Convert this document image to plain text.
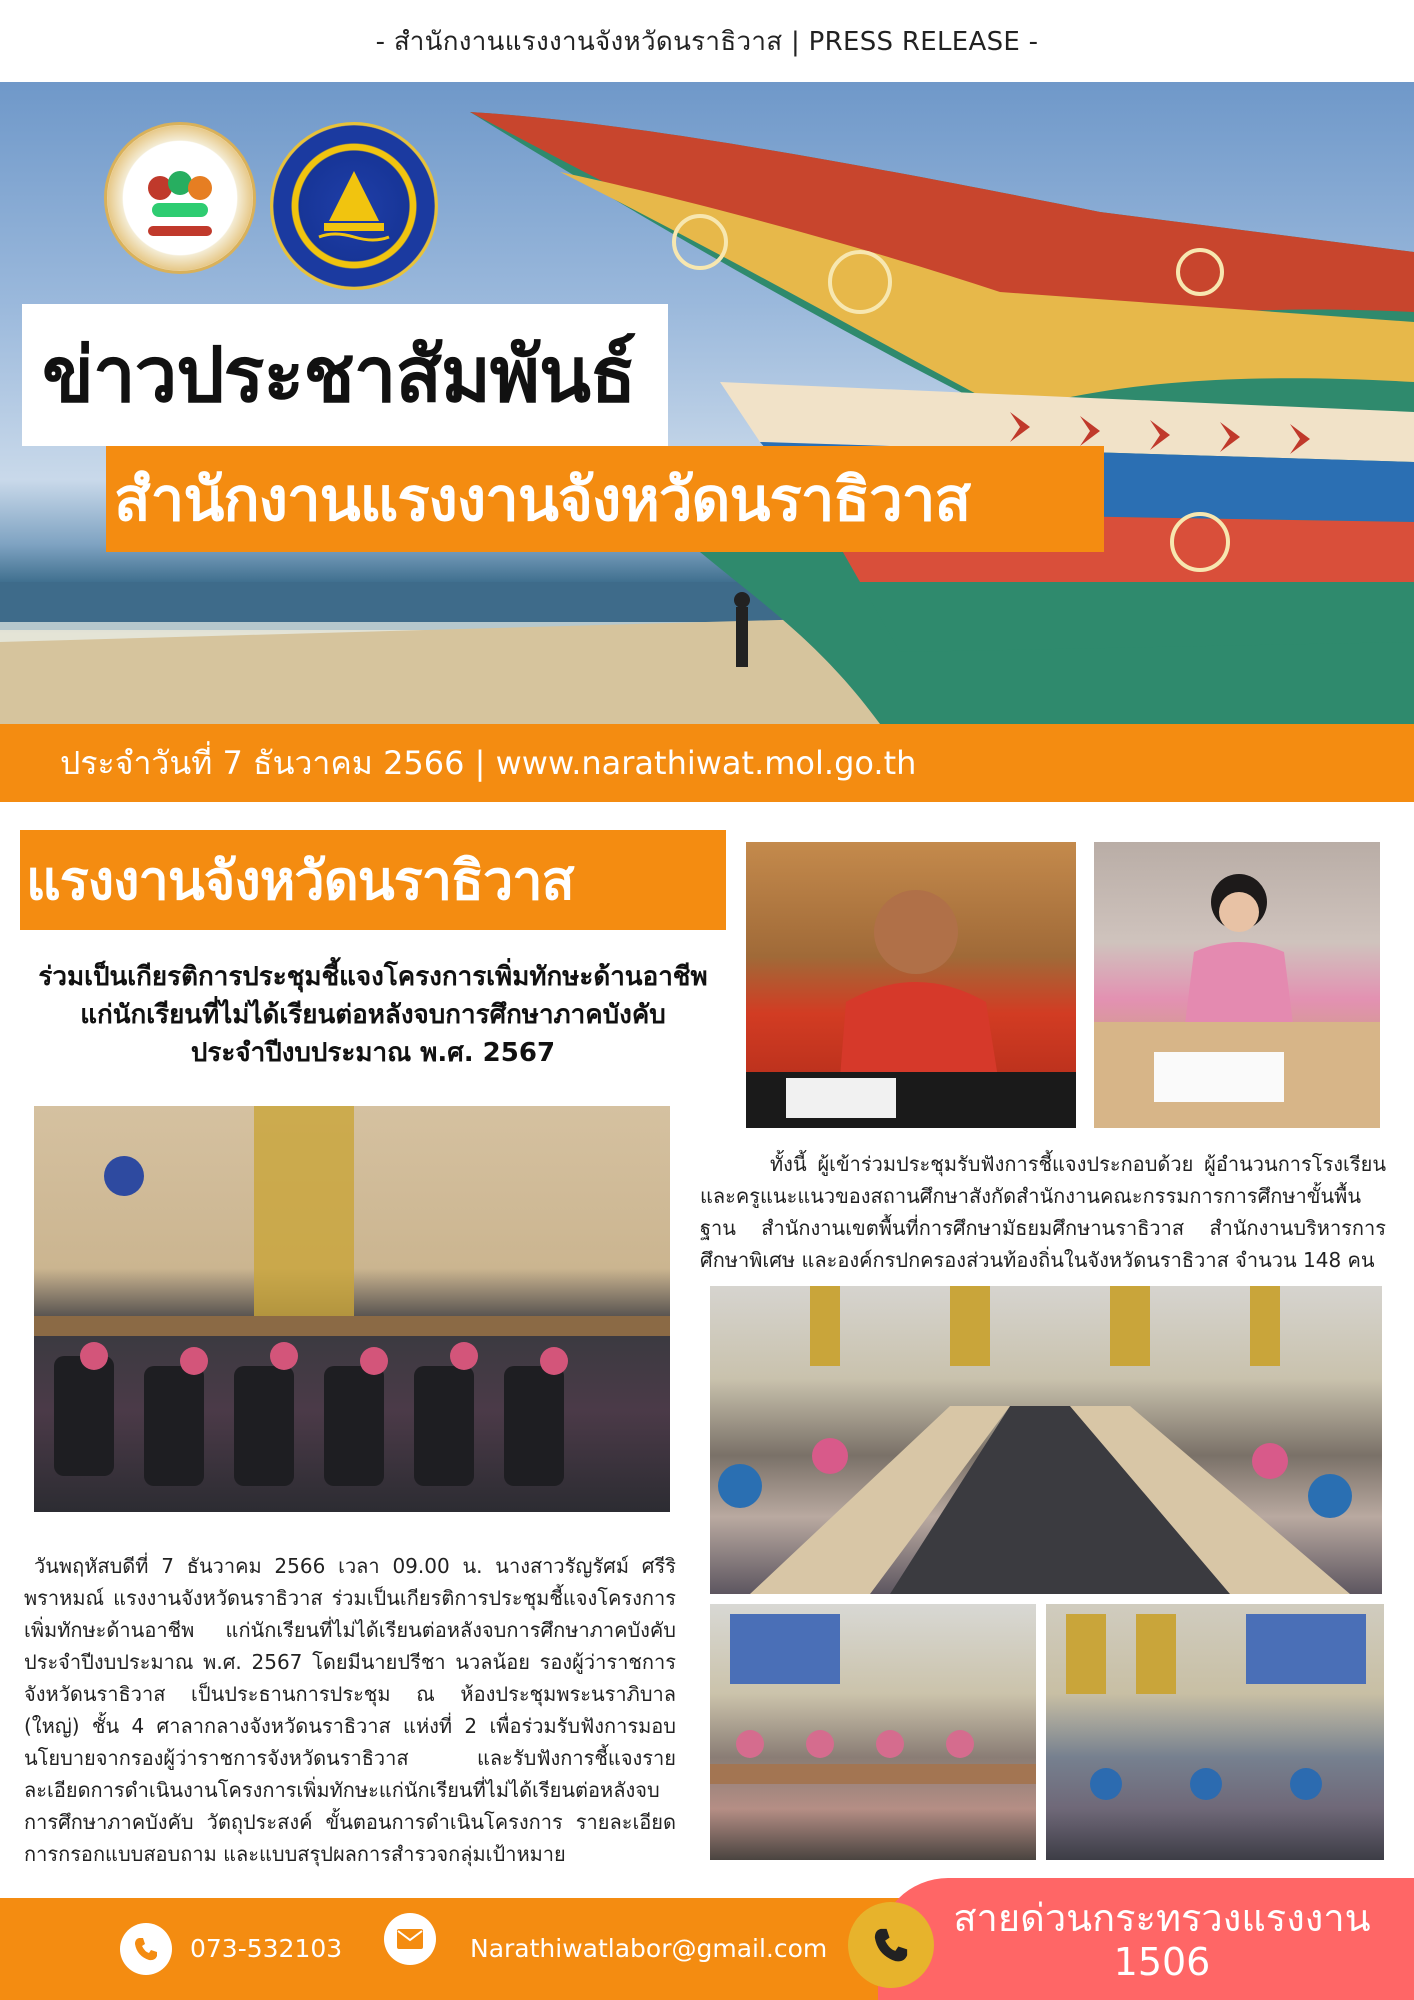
- สำนักงานแรงงานจังหวัดนราธิวาส | PRESS RELEASE -
ข่าวประชาสัมพันธ์
สำนักงานแรงงานจังหวัดนราธิวาส
ประจำวันที่ 7 ธันวาคม 2566 | www.narathiwat.mol.go.th
แรงงานจังหวัดนราธิวาส
ร่วมเป็นเกียรติการประชุมชี้แจงโครงการเพิ่มทักษะด้านอาชีพ
แก่นักเรียนที่ไม่ได้เรียนต่อหลังจบการศึกษาภาคบังคับ
ประจำปีงบประมาณ พ.ศ. 2567
ทั้งนี้ ผู้เข้าร่วมประชุมรับฟังการชี้แจงประกอบด้วย ผู้อำนวนการโรงเรียน และครูแนะแนวของสถานศึกษาสังกัดสำนักงานคณะกรรมการการศึกษาขั้นพื้นฐาน สำนักงานเขตพื้นที่การศึกษามัธยมศึกษานราธิวาส สำนักงานบริหารการศึกษาพิเศษ และองค์กรปกครองส่วนท้องถิ่นในจังหวัดนราธิวาส จำนวน 148 คน
วันพฤหัสบดีที่ 7 ธันวาคม 2566 เวลา 09.00 น. นางสาวรัญรัศม์ ศรีริพราหมณ์ แรงงานจังหวัดนราธิวาส ร่วมเป็นเกียรติการประชุมชี้แจงโครงการเพิ่มทักษะด้านอาชีพ แก่นักเรียนที่ไม่ได้เรียนต่อหลังจบการศึกษาภาคบังคับ ประจำปีงบประมาณ พ.ศ. 2567 โดยมีนายปรีชา นวลน้อย รองผู้ว่าราชการจังหวัดนราธิวาส เป็นประธานการประชุม ณ ห้องประชุมพระนราภิบาล (ใหญ่) ชั้น 4 ศาลากลางจังหวัดนราธิวาส แห่งที่ 2 เพื่อร่วมรับฟังการมอบนโยบายจากรองผู้ว่าราชการจังหวัดนราธิวาส และรับฟังการชี้แจงรายละเอียดการดำเนินงานโครงการเพิ่มทักษะแก่นักเรียนที่ไม่ได้เรียนต่อหลังจบการศึกษาภาคบังคับ วัตถุประสงค์ ขั้นตอนการดำเนินโครงการ รายละเอียดการกรอกแบบสอบถาม และแบบสรุปผลการสำรวจกลุ่มเป้าหมาย
073-532103	Narathiwatlabor@gmail.com
สายด่วนกระทรวงแรงงาน
1506
